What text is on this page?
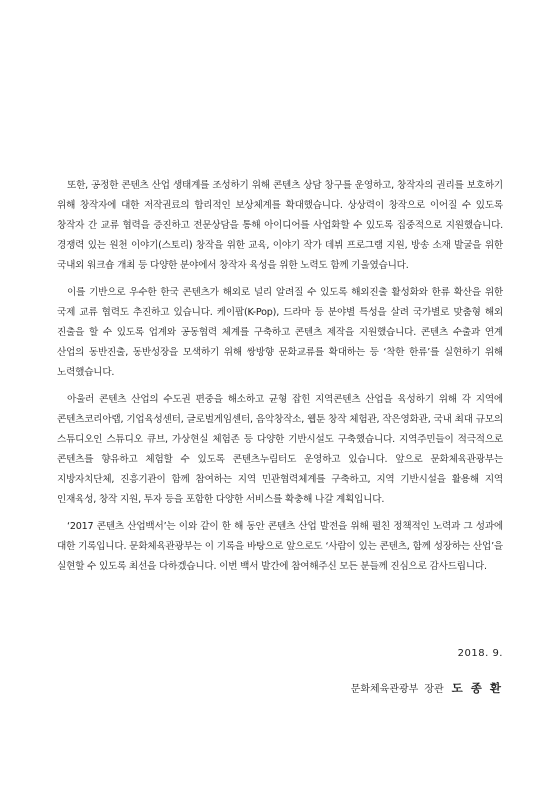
또한, 공정한 콘텐츠 산업 생태계를 조성하기 위해 콘텐츠 상담 창구를 운영하고, 창작자의 권리를 보호하기 위해 창작자에 대한 저작권료의 합리적인 보상체계를 확대했습니다. 상상력이 창작으로 이어질 수 있도록 창작자 간 교류 협력을 증진하고 전문상담을 통해 아이디어를 사업화할 수 있도록 집중적으로 지원했습니다. 경쟁력 있는 원천 이야기(스토리) 창작을 위한 교육, 이야기 작가 데뷔 프로그램 지원, 방송 소재 발굴을 위한 국내외 워크숍 개최 등 다양한 분야에서 창작자 육성을 위한 노력도 함께 기울였습니다.

이를 기반으로 우수한 한국 콘텐츠가 해외로 널리 알려질 수 있도록 해외진출 활성화와 한류 확산을 위한 국제 교류 협력도 추진하고 있습니다. 케이팝(K-Pop), 드라마 등 분야별 특성을 살려 국가별로 맞춤형 해외 진출을 할 수 있도록 업계와 공동협력 체계를 구축하고 콘텐츠 제작을 지원했습니다. 콘텐츠 수출과 연계 산업의 동반진출, 동반성장을 모색하기 위해 쌍방향 문화교류를 확대하는 등 ‘착한 한류’를 실현하기 위해 노력했습니다.

아울러 콘텐츠 산업의 수도권 편중을 해소하고 균형 잡힌 지역콘텐츠 산업을 육성하기 위해 각 지역에 콘텐츠코리아랩, 기업육성센터, 글로벌게임센터, 음악창작소, 웹툰 창작 체험관, 작은영화관, 국내 최대 규모의 스튜디오인 스튜디오 큐브, 가상현실 체험존 등 다양한 기반시설도 구축했습니다. 지역주민들이 적극적으로 콘텐츠를 향유하고 체험할 수 있도록 콘텐츠누림터도 운영하고 있습니다. 앞으로 문화체육관광부는 지방자치단체, 진흥기관이 함께 참여하는 지역 민관협력체계를 구축하고, 지역 기반시설을 활용해 지역 인재육성, 창작 지원, 투자 등을 포함한 다양한 서비스를 확충해 나갈 계획입니다.

‘2017 콘텐츠 산업백서’는 이와 같이 한 해 동안 콘텐츠 산업 발전을 위해 펼친 정책적인 노력과 그 성과에 대한 기록입니다. 문화체육관광부는 이 기록을 바탕으로 앞으로도 ‘사람이 있는 콘텐츠, 함께 성장하는 산업’을 실현할 수 있도록 최선을 다하겠습니다. 이번 백서 발간에 참여해주신 모든 분들께 진심으로 감사드립니다.

2018. 9.
문화체육관광부 장관 도 종 환
